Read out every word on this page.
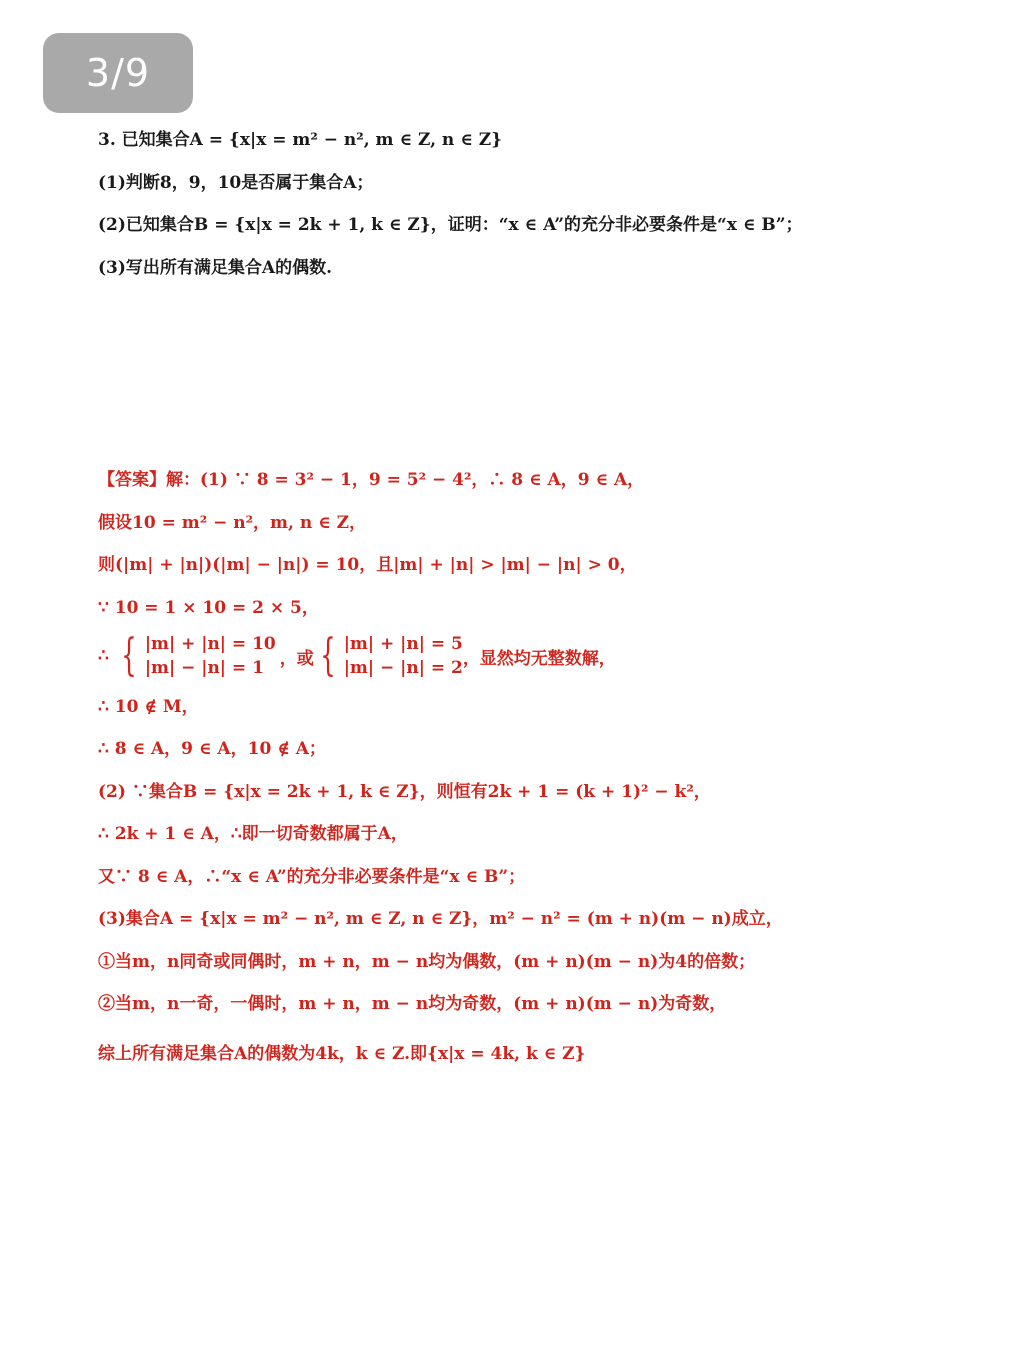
3/9
3. 已知集合A = {x|x = m² − n², m ∈ Z, n ∈ Z}
(1)判断8，9，10是否属于集合A；
(2)已知集合B = {x|x = 2k + 1, k ∈ Z}，证明：“x ∈ A”的充分非必要条件是“x ∈ B”；
(3)写出所有满足集合A的偶数.
【答案】解：(1) ∵ 8 = 3² − 1，9 = 5² − 4²，∴ 8 ∈ A，9 ∈ A，
假设10 = m² − n²，m, n ∈ Z，
则(|m| + |n|)(|m| − |n|) = 10，且|m| + |n| > |m| − |n| > 0，
∵ 10 = 1 × 10 = 2 × 5，
∴ { |m| + |n| = 10
|m| − |n| = 1 ，或 { |m| + |n| = 5
|m| − |n| = 2 ，显然均无整数解，
∴ 10 ∉ M，
∴ 8 ∈ A，9 ∈ A，10 ∉ A；
(2) ∵集合B = {x|x = 2k + 1, k ∈ Z}，则恒有2k + 1 = (k + 1)² − k²，
∴ 2k + 1 ∈ A，∴即一切奇数都属于A，
又∵ 8 ∈ A，∴“x ∈ A”的充分非必要条件是“x ∈ B”；
(3)集合A = {x|x = m² − n², m ∈ Z, n ∈ Z}，m² − n² = (m + n)(m − n)成立，
①当m，n同奇或同偶时，m + n，m − n均为偶数，(m + n)(m − n)为4的倍数；
②当m，n一奇，一偶时，m + n，m − n均为奇数，(m + n)(m − n)为奇数，
综上所有满足集合A的偶数为4k，k ∈ Z.即{x|x = 4k, k ∈ Z}
